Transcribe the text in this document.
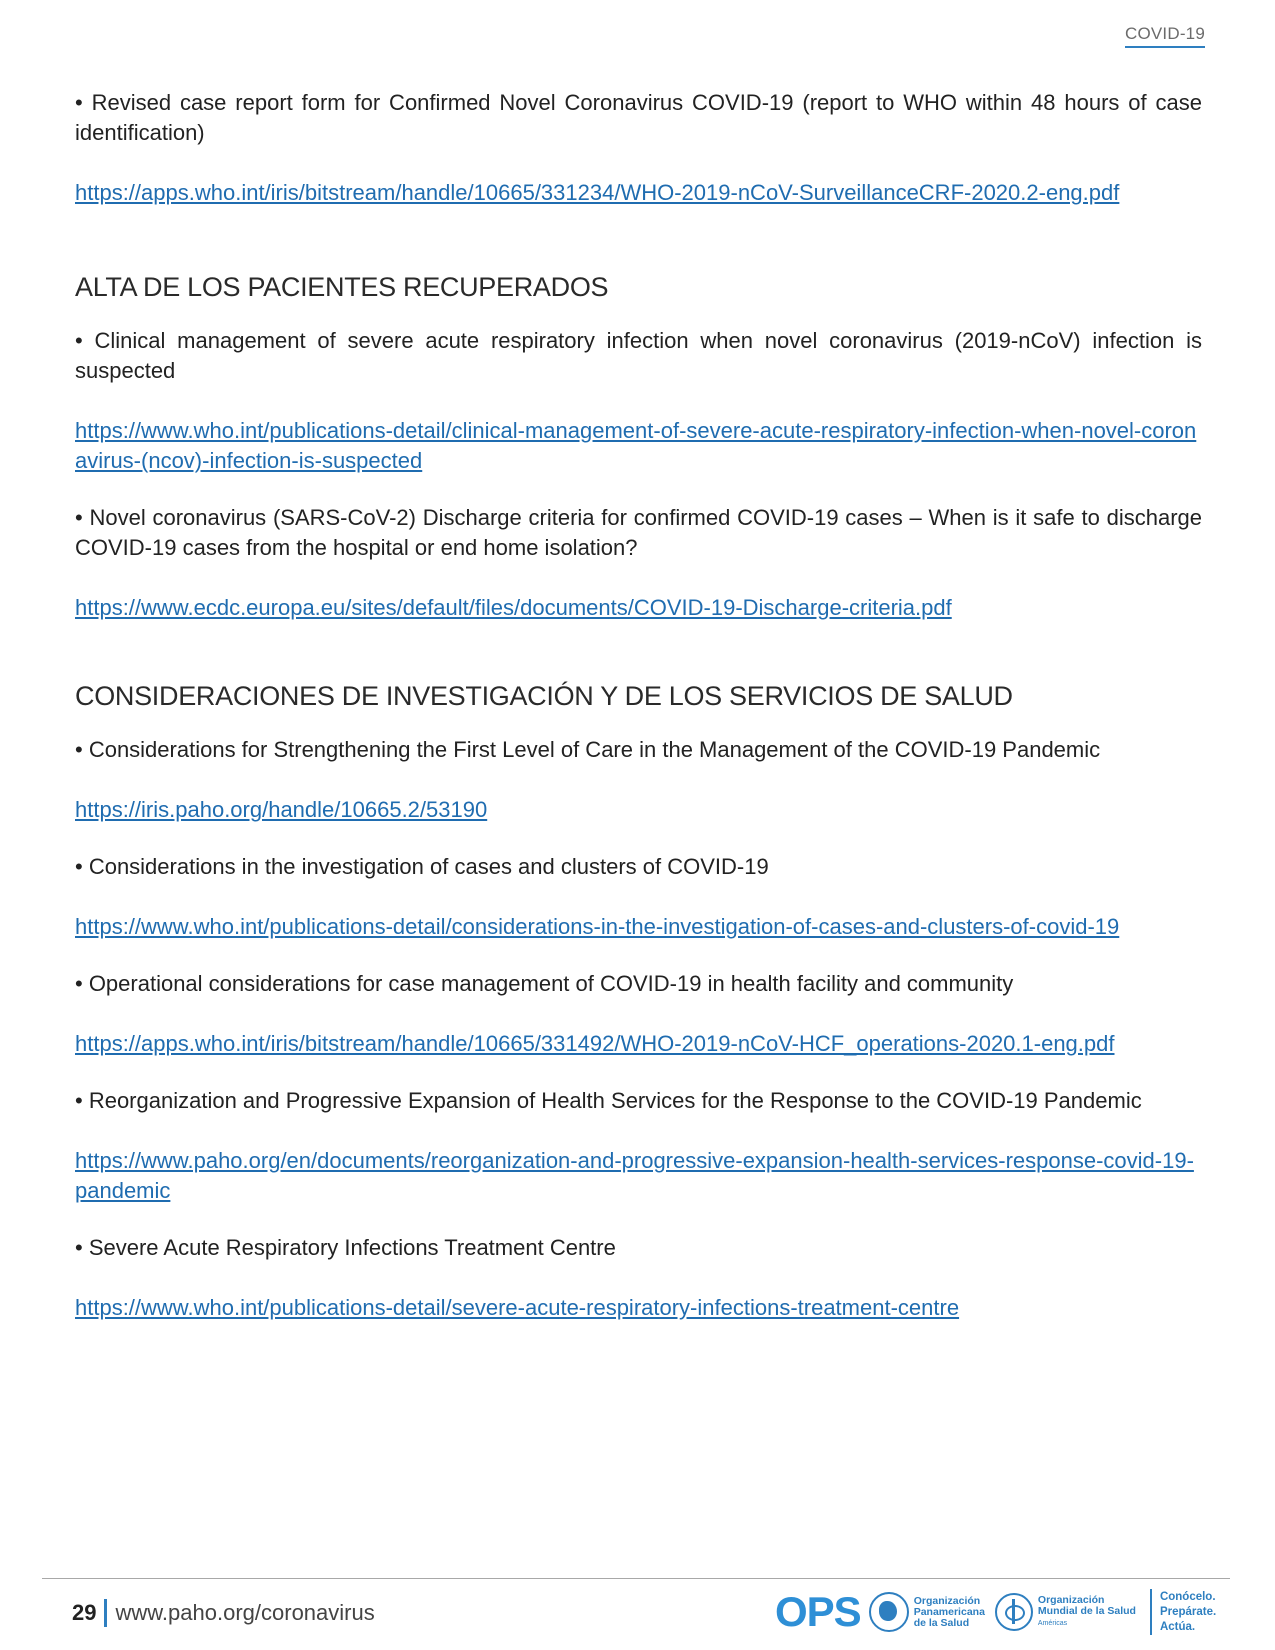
COVID-19

• Revised case report form for Confirmed Novel Coronavirus COVID-19 (report to WHO within 48 hours of case identification)

https://apps.who.int/iris/bitstream/handle/10665/331234/WHO-2019-nCoV-SurveillanceCRF-2020.2-eng.pdf
ALTA DE LOS PACIENTES RECUPERADOS

• Clinical management of severe acute respiratory infection when novel coronavirus (2019-nCoV) infection is suspected

https://www.who.int/publications-detail/clinical-management-of-severe-acute-respiratory-infection-when-novel-coronavirus-(ncov)-infection-is-suspected

• Novel coronavirus (SARS-CoV-2) Discharge criteria for confirmed COVID-19 cases – When is it safe to discharge COVID-19 cases from the hospital or end home isolation?

https://www.ecdc.europa.eu/sites/default/files/documents/COVID-19-Discharge-criteria.pdf
CONSIDERACIONES DE INVESTIGACIÓN Y DE LOS SERVICIOS DE SALUD

• Considerations for Strengthening the First Level of Care in the Management of the COVID-19 Pandemic

https://iris.paho.org/handle/10665.2/53190

• Considerations in the investigation of cases and clusters of COVID-19

https://www.who.int/publications-detail/considerations-in-the-investigation-of-cases-and-clusters-of-covid-19

• Operational considerations for case management of COVID-19 in health facility and community

https://apps.who.int/iris/bitstream/handle/10665/331492/WHO-2019-nCoV-HCF_operations-2020.1-eng.pdf

• Reorganization and Progressive Expansion of Health Services for the Response to the COVID-19 Pandemic

https://www.paho.org/en/documents/reorganization-and-progressive-expansion-health-services-response-covid-19-pandemic

• Severe Acute Respiratory Infections Treatment Centre

https://www.who.int/publications-detail/severe-acute-respiratory-infections-treatment-centre
29 www.paho.org/coronavirus	OPS	Organización
Panamericana
de la Salud
Organización
Mundial de la Salud
Américas
Conócelo.
Prepárate.
Actúa.
